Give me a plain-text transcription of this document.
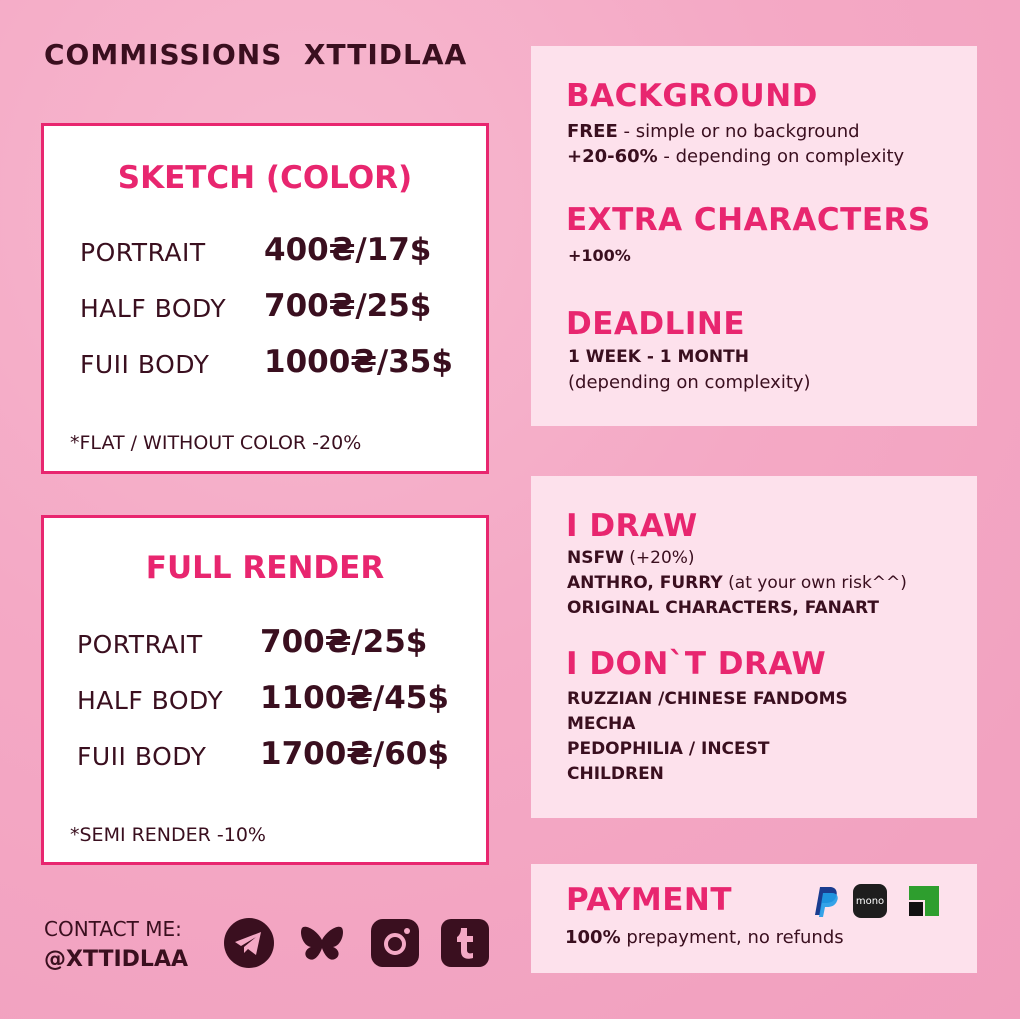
COMMISSIONS  XTTIDLAA
SKETCH (COLOR)
PORTRAIT 400₴/17$
HALF BODY 700₴/25$
FUII BODY 1000₴/35$
*FLAT / WITHOUT COLOR -20%
FULL RENDER
PORTRAIT 700₴/25$
HALF BODY 1100₴/45$
FUII BODY 1700₴/60$
*SEMI RENDER -10%
BACKGROUND
FREE - simple or no background
+20-60% - depending on complexity
EXTRA CHARACTERS
+100%
DEADLINE
1 WEEK - 1 MONTH
(depending on complexity)
I DRAW
NSFW (+20%)
ANTHRO, FURRY (at your own risk^^)
ORIGINAL CHARACTERS, FANART
I DON`T DRAW
RUZZIAN /CHINESE FANDOMS
MECHA
PEDOPHILIA / INCEST
CHILDREN
PAYMENT
100% prepayment, no refunds
mono
CONTACT ME:
@XTTIDLAA
